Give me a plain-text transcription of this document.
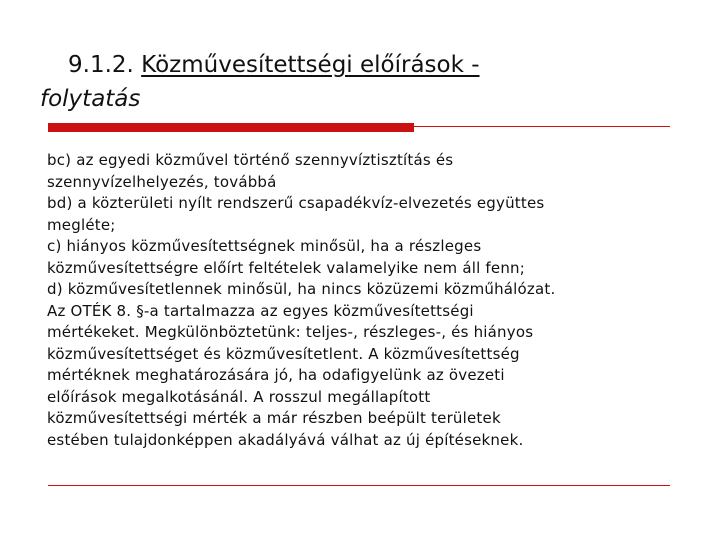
9.1.2. Közművesítettségi előírások -
folytatás
bc) az egyedi közművel történő szennyvíztisztítás és
szennyvízelhelyezés, továbbá
bd) a közterületi nyílt rendszerű csapadékvíz-elvezetés együttes
megléte;
c) hiányos közművesítettségnek minősül, ha a részleges
közművesítettségre előírt feltételek valamelyike nem áll fenn;
d) közművesítetlennek minősül, ha nincs közüzemi közműhálózat.
Az OTÉK 8. §-a tartalmazza az egyes közművesítettségi
mértékeket. Megkülönböztetünk: teljes-, részleges-, és hiányos
közművesítettséget és közművesítetlent. A közművesítettség
mértéknek meghatározására jó, ha odafigyelünk az övezeti
előírások megalkotásánál. A rosszul megállapított
közművesítettségi mérték a már részben beépült területek
estében tulajdonképpen akadályává válhat az új építéseknek.
